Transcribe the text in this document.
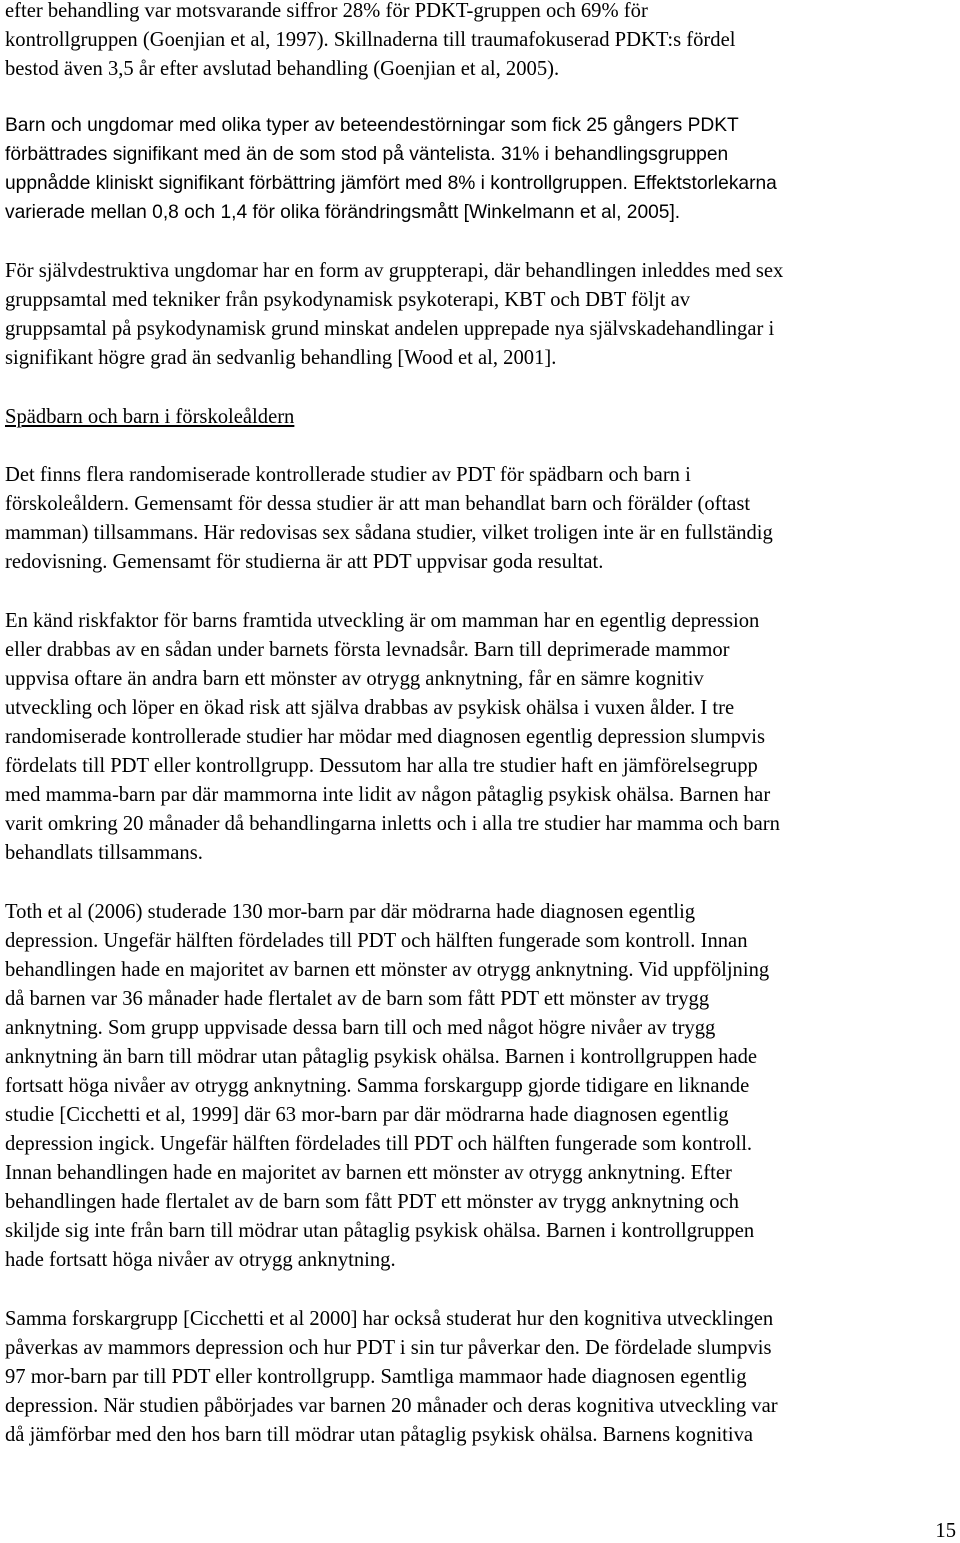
efter behandling var motsvarande siffror 28% för PDKT-gruppen och 69% för
kontrollgruppen (Goenjian et al, 1997). Skillnaderna till traumafokuserad PDKT:s fördel
bestod även 3,5 år efter avslutad behandling (Goenjian et al, 2005).

Barn och ungdomar med olika typer av beteendestörningar som fick 25 gångers PDKT
förbättrades signifikant med än de som stod på väntelista. 31% i behandlingsgruppen
uppnådde kliniskt signifikant förbättring jämfört med 8% i kontrollgruppen. Effektstorlekarna
varierade mellan 0,8 och 1,4 för olika förändringsmått [Winkelmann et al, 2005].

För självdestruktiva ungdomar har en form av gruppterapi, där behandlingen inleddes med sex
gruppsamtal med tekniker från psykodynamisk psykoterapi, KBT och DBT följt av
gruppsamtal på psykodynamisk grund minskat andelen upprepade nya självskadehandlingar i
signifikant högre grad än sedvanlig behandling [Wood et al, 2001].

Spädbarn och barn i förskoleåldern

Det finns flera randomiserade kontrollerade studier av PDT för spädbarn och barn i
förskoleåldern. Gemensamt för dessa studier är att man behandlat barn och förälder (oftast
mamman) tillsammans. Här redovisas sex sådana studier, vilket troligen inte är en fullständig
redovisning. Gemensamt för studierna är att PDT uppvisar goda resultat.

En känd riskfaktor för barns framtida utveckling är om mamman har en egentlig depression
eller drabbas av en sådan under barnets första levnadsår. Barn till deprimerade mammor
uppvisa oftare än andra barn ett mönster av otrygg anknytning, får en sämre kognitiv
utveckling och löper en ökad risk att själva drabbas av psykisk ohälsa i vuxen ålder. I tre
randomiserade kontrollerade studier har mödar med diagnosen egentlig depression slumpvis
fördelats till PDT eller kontrollgrupp. Dessutom har alla tre studier haft en jämförelsegrupp
med mamma-barn par där mammorna inte lidit av någon påtaglig psykisk ohälsa. Barnen har
varit omkring 20 månader då behandlingarna inletts och i alla tre studier har mamma och barn
behandlats tillsammans.

Toth et al (2006) studerade 130 mor-barn par där mödrarna hade diagnosen egentlig
depression. Ungefär hälften fördelades till PDT och hälften fungerade som kontroll. Innan
behandlingen hade en majoritet av barnen ett mönster av otrygg anknytning. Vid uppföljning
då barnen var 36 månader hade flertalet av de barn som fått PDT ett mönster av trygg
anknytning. Som grupp uppvisade dessa barn till och med något högre nivåer av trygg
anknytning än barn till mödrar utan påtaglig psykisk ohälsa. Barnen i kontrollgruppen hade
fortsatt höga nivåer av otrygg anknytning. Samma forskargupp gjorde tidigare en liknande
studie [Cicchetti et al, 1999] där 63 mor-barn par där mödrarna hade diagnosen egentlig
depression ingick. Ungefär hälften fördelades till PDT och hälften fungerade som kontroll.
Innan behandlingen hade en majoritet av barnen ett mönster av otrygg anknytning. Efter
behandlingen hade flertalet av de barn som fått PDT ett mönster av trygg anknytning och
skiljde sig inte från barn till mödrar utan påtaglig psykisk ohälsa. Barnen i kontrollgruppen
hade fortsatt höga nivåer av otrygg anknytning.

Samma forskargrupp [Cicchetti et al 2000] har också studerat hur den kognitiva utvecklingen
påverkas av mammors depression och hur PDT i sin tur påverkar den. De fördelade slumpvis
97 mor-barn par till PDT eller kontrollgrupp. Samtliga mammaor hade diagnosen egentlig
depression. När studien påbörjades var barnen 20 månader och deras kognitiva utveckling var
då jämförbar med den hos barn till mödrar utan påtaglig psykisk ohälsa. Barnens kognitiva

15
